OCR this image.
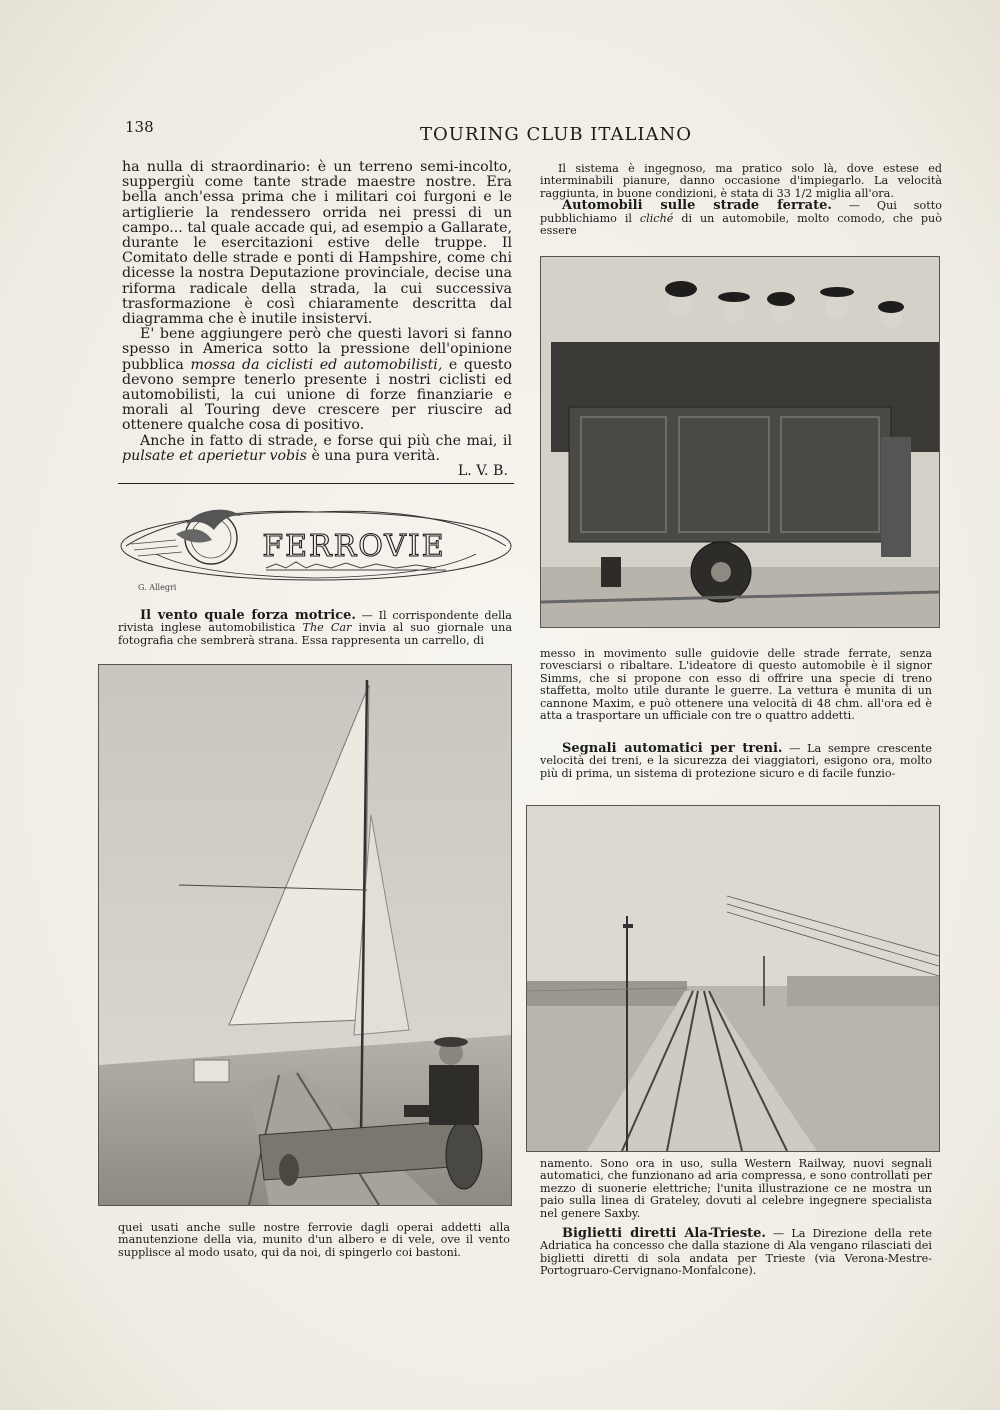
138	TOURING CLUB ITALIANO

ha nulla di straordinario: è un terreno semi-incolto, suppergiù come tante strade maestre nostre. Era bella anch'essa prima che i militari coi furgoni e le artiglierie la rendessero orrida nei pressi di un campo... tal quale accade qui, ad esempio a Gallarate, durante le esercitazioni estive delle truppe. Il Comitato delle strade e ponti di Hampshire, come chi dicesse la nostra Deputazione provinciale, decise una riforma radicale della strada, la cui successiva trasformazione è così chiaramente descritta dal diagramma che è inutile insistervi.

E' bene aggiungere però che questi lavori si fanno spesso in America sotto la pressione dell'opinione pubblica mossa da ciclisti ed automobilisti, e questo devono sempre tenerlo presente i nostri ciclisti ed automobilisti, la cui unione di forze finanziarie e morali al Touring deve crescere per riuscire ad ottenere qualche cosa di positivo.

Anche in fatto di strade, e forse qui più che mai, il pulsate et aperietur vobis è una pura verità.

L. V. B.

FERROVIE
G. Allegri

Il vento quale forza motrice. — Il corrispondente della rivista inglese automobilistica The Car invia al suo giornale una fotografia che sembrerà strana. Essa rappresenta un carrello, di

quei usati anche sulle nostre ferrovie dagli operai addetti alla manutenzione della via, munito d'un albero e di vele, ove il vento supplisce al modo usato, qui da noi, di spingerlo coi bastoni.

Il sistema è ingegnoso, ma pratico solo là, dove estese ed interminabili pianure, danno occasione d'impiegarlo. La velocità raggiunta, in buone condizioni, è stata di 33 1/2 miglia all'ora.

Automobili sulle strade ferrate. — Qui sotto pubblichiamo il cliché di un automobile, molto comodo, che può essere

messo in movimento sulle guidovie delle strade ferrate, senza rovesciarsi o ribaltare. L'ideatore di questo automobile è il signor Simms, che si propone con esso di offrire una specie di treno staffetta, molto utile durante le guerre. La vettura è munita di un cannone Maxim, e può ottenere una velocità di 48 chm. all'ora ed è atta a trasportare un ufficiale con tre o quattro addetti.

Segnali automatici per treni. — La sempre crescente velocità dei treni, e la sicurezza dei viaggiatori, esigono ora, molto più di prima, un sistema di protezione sicuro e di facile funzio-

namento. Sono ora in uso, sulla Western Railway, nuovi segnali automatici, che funzionano ad aria compressa, e sono controllati per mezzo di suonerie elettriche; l'unita illustrazione ce ne mostra un paio sulla linea di Grateley, dovuti al celebre ingegnere specialista nel genere Saxby.

Biglietti diretti Ala-Trieste. — La Direzione della rete Adriatica ha concesso che dalla stazione di Ala vengano rilasciati dei biglietti diretti di sola andata per Trieste (via Verona-Mestre-Portogruaro-Cervignano-Monfalcone).
